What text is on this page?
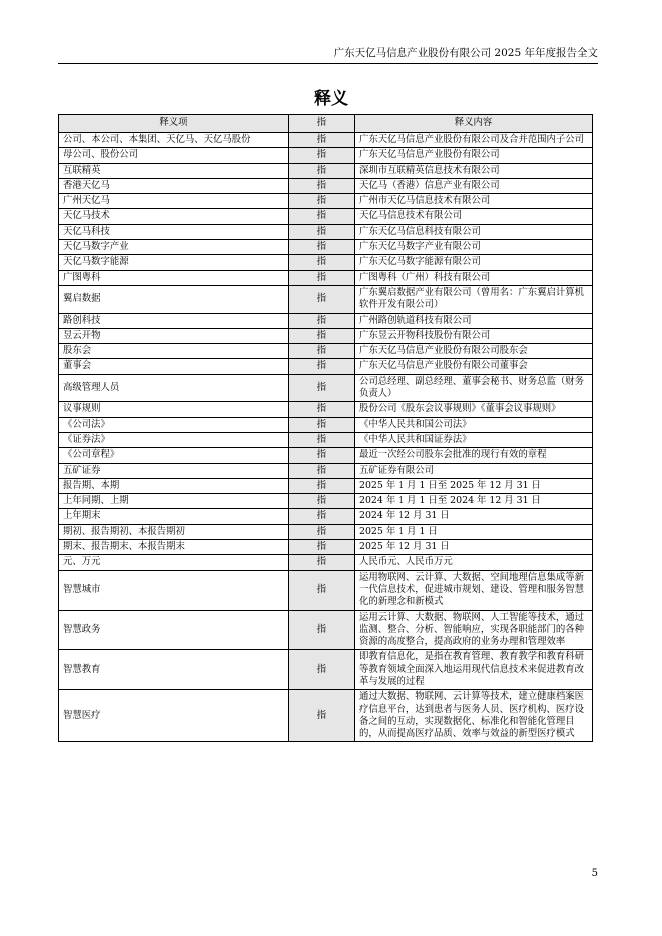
广东天亿马信息产业股份有限公司 2025 年年度报告全文
释义
释义项	指	释义内容
公司、本公司、本集团、天亿马、天亿马股份	指	广东天亿马信息产业股份有限公司及合并范围内子公司
母公司、股份公司	指	广东天亿马信息产业股份有限公司
互联精英	指	深圳市互联精英信息技术有限公司
香港天亿马	指	天亿马（香港）信息产业有限公司
广州天亿马	指	广州市天亿马信息技术有限公司
天亿马技术	指	天亿马信息技术有限公司
天亿马科技	指	广东天亿马信息科技有限公司
天亿马数字产业	指	广东天亿马数字产业有限公司
天亿马数字能源	指	广东天亿马数字能源有限公司
广图粤科	指	广图粤科（广州）科技有限公司
翼启数据	指	广东翼启数据产业有限公司（曾用名：广东翼启计算机软件开发有限公司）
路创科技	指	广州路创轨道科技有限公司
昱云开物	指	广东昱云开物科技股份有限公司
股东会	指	广东天亿马信息产业股份有限公司股东会
董事会	指	广东天亿马信息产业股份有限公司董事会
高级管理人员	指	公司总经理、副总经理、董事会秘书、财务总监（财务负责人）
议事规则	指	股份公司《股东会议事规则》《董事会议事规则》
《公司法》	指	《中华人民共和国公司法》
《证券法》	指	《中华人民共和国证券法》
《公司章程》	指	最近一次经公司股东会批准的现行有效的章程
五矿证券	指	五矿证券有限公司
报告期、本期	指	2025 年 1 月 1 日至 2025 年 12 月 31 日
上年同期、上期	指	2024 年 1 月 1 日至 2024 年 12 月 31 日
上年期末	指	2024 年 12 月 31 日
期初、报告期初、本报告期初	指	2025 年 1 月 1 日
期末、报告期末、本报告期末	指	2025 年 12 月 31 日
元、万元	指	人民币元、人民币万元
智慧城市	指	运用物联网、云计算、大数据、空间地理信息集成等新一代信息技术，促进城市规划、建设、管理和服务智慧化的新理念和新模式
智慧政务	指	运用云计算、大数据、物联网、人工智能等技术，通过监测、整合、分析、智能响应，实现各职能部门的各种资源的高度整合，提高政府的业务办理和管理效率
智慧教育	指	即教育信息化，是指在教育管理、教育教学和教育科研等教育领域全面深入地运用现代信息技术来促进教育改革与发展的过程
智慧医疗	指	通过大数据、物联网、云计算等技术，建立健康档案医疗信息平台，达到患者与医务人员、医疗机构、医疗设备之间的互动，实现数据化、标准化和智能化管理目的，从而提高医疗品质、效率与效益的新型医疗模式
5
